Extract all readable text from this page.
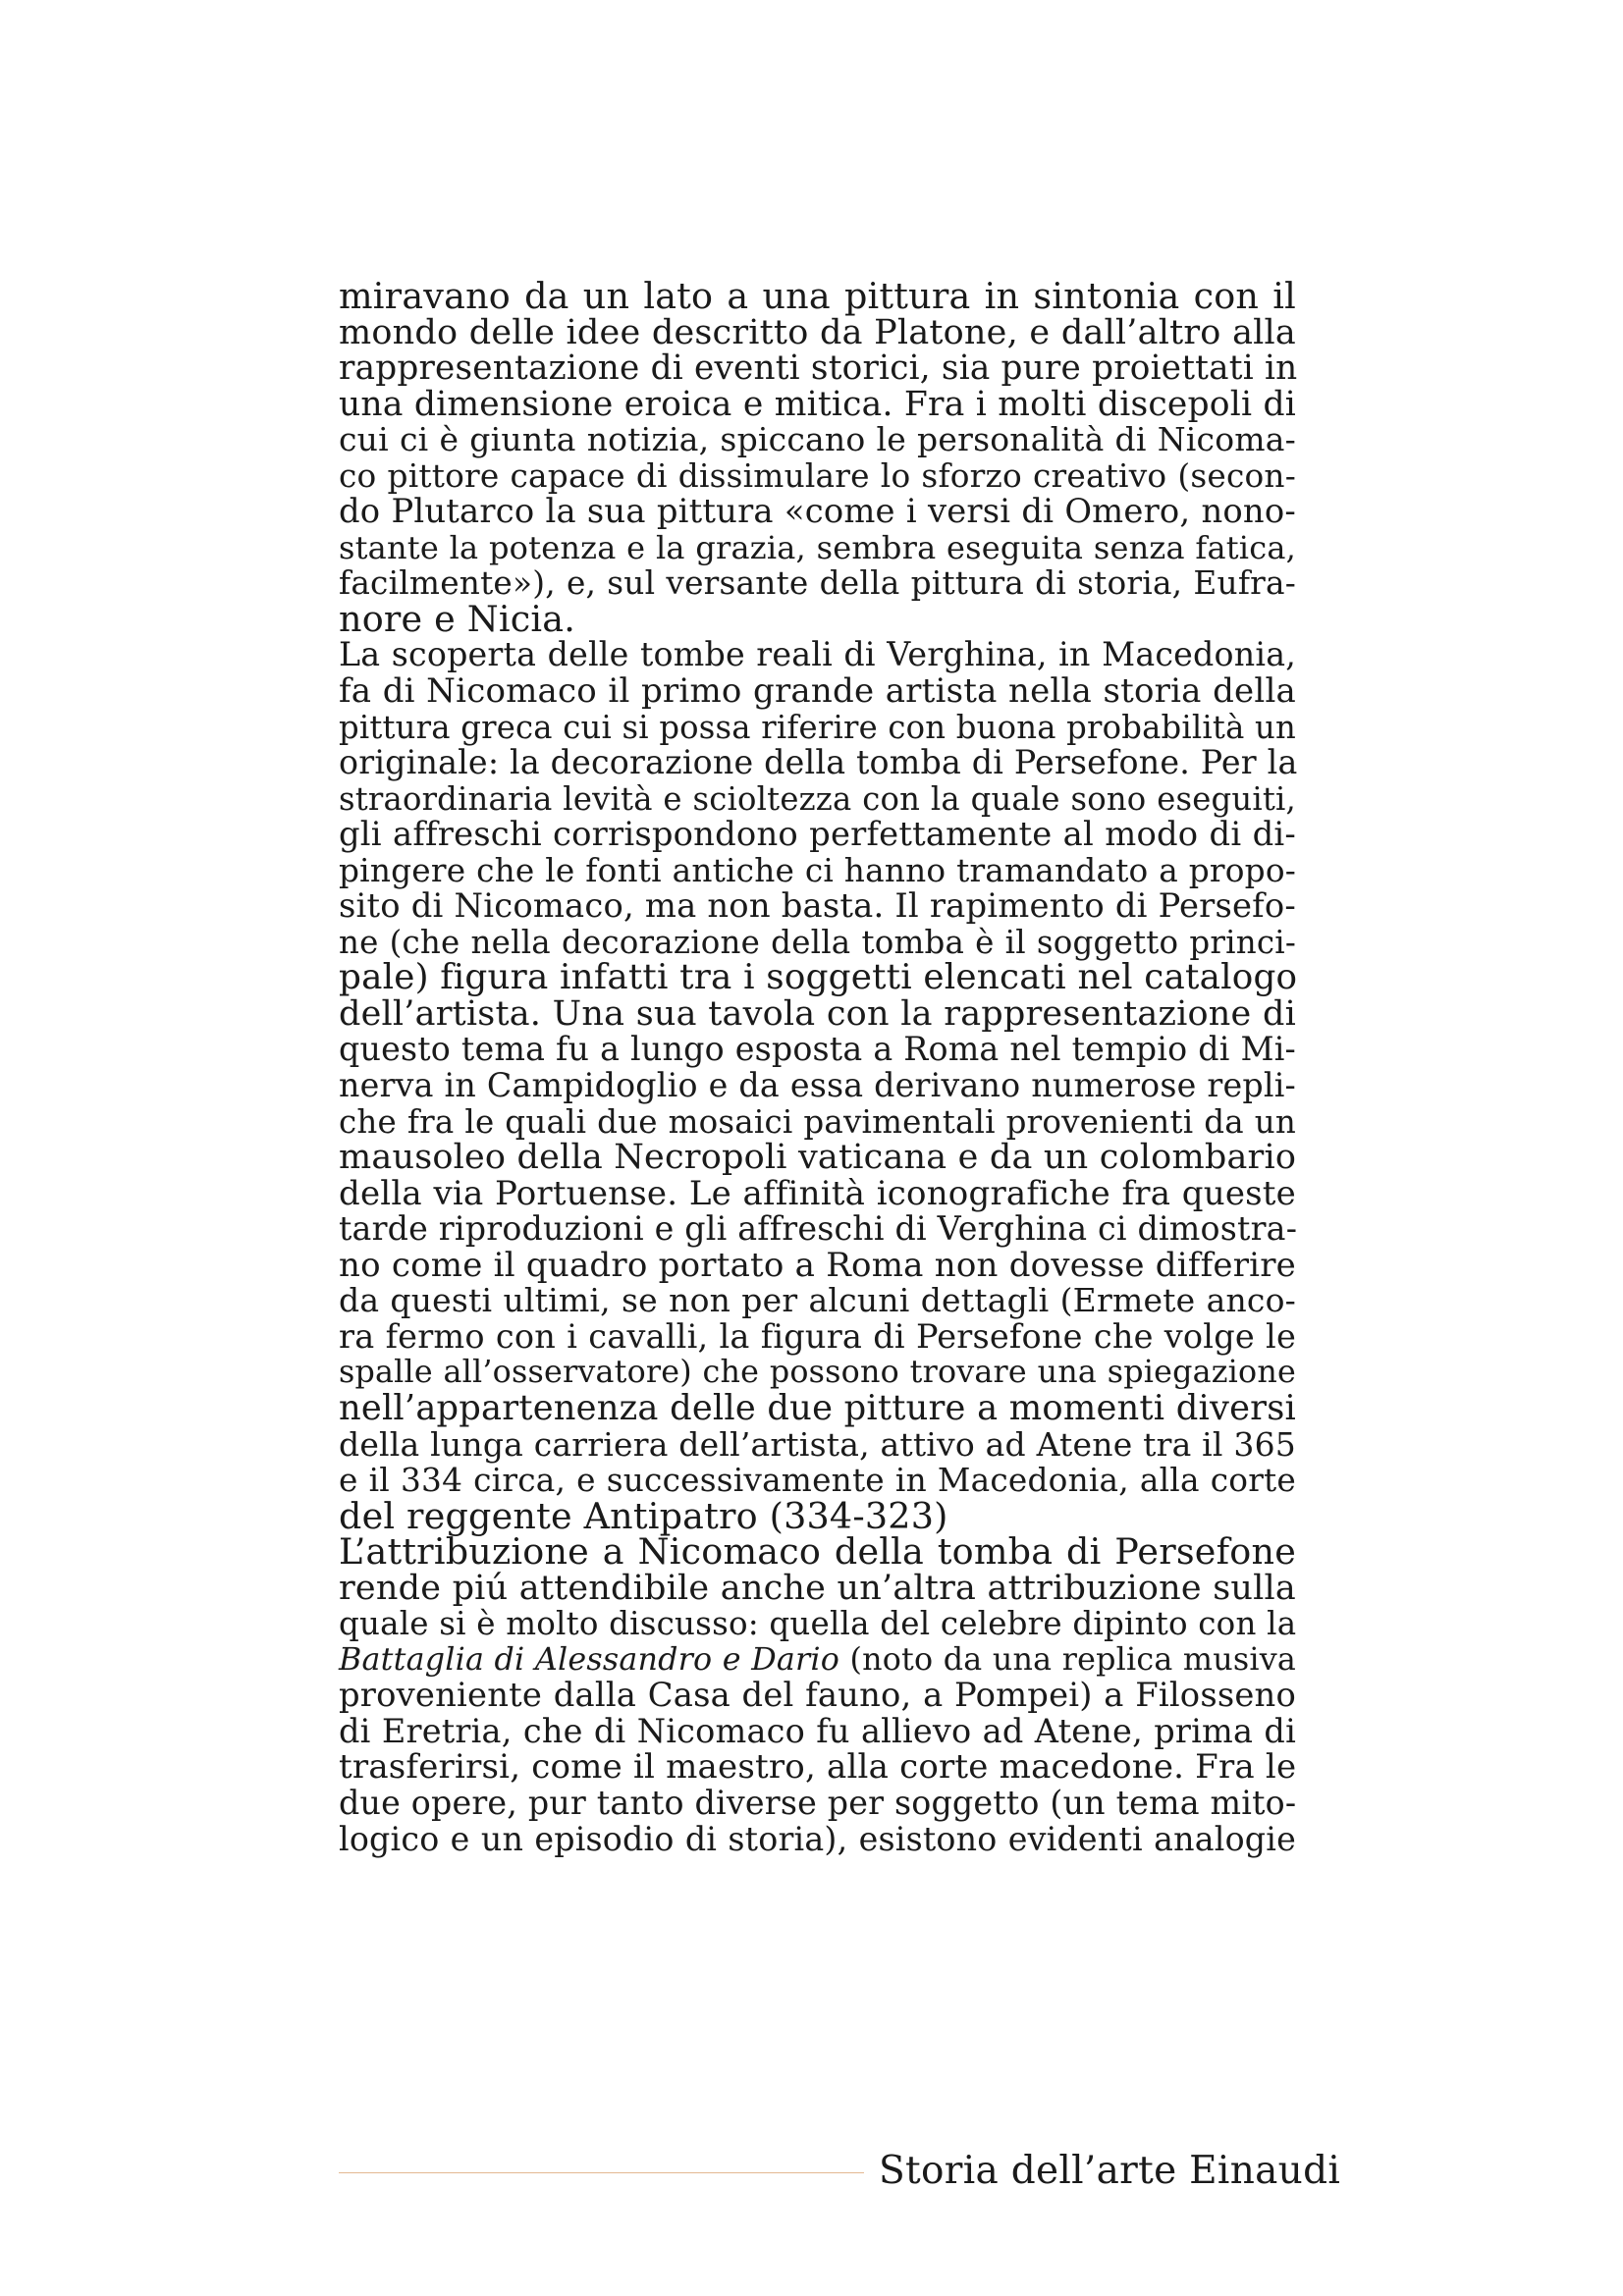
miravano da un lato a una pittura in sintonia con il
mondo delle idee descritto da Platone, e dall’altro alla
rappresentazione di eventi storici, sia pure proiettati in
una dimensione eroica e mitica. Fra i molti discepoli di
cui ci è giunta notizia, spiccano le personalità di Nicoma-
co pittore capace di dissimulare lo sforzo creativo (secon-
do Plutarco la sua pittura «come i versi di Omero, nono-
stante la potenza e la grazia, sembra eseguita senza fatica,
facilmente»), e, sul versante della pittura di storia, Eufra-
nore e Nicia.
La scoperta delle tombe reali di Verghina, in Macedonia,
fa di Nicomaco il primo grande artista nella storia della
pittura greca cui si possa riferire con buona probabilità un
originale: la decorazione della tomba di Persefone. Per la
straordinaria levità e scioltezza con la quale sono eseguiti,
gli affreschi corrispondono perfettamente al modo di di-
pingere che le fonti antiche ci hanno tramandato a propo-
sito di Nicomaco, ma non basta. Il rapimento di Persefo-
ne (che nella decorazione della tomba è il soggetto princi-
pale) figura infatti tra i soggetti elencati nel catalogo
dell’artista. Una sua tavola con la rappresentazione di
questo tema fu a lungo esposta a Roma nel tempio di Mi-
nerva in Campidoglio e da essa derivano numerose repli-
che fra le quali due mosaici pavimentali provenienti da un
mausoleo della Necropoli vaticana e da un colombario
della via Portuense. Le affinità iconografiche fra queste
tarde riproduzioni e gli affreschi di Verghina ci dimostra-
no come il quadro portato a Roma non dovesse differire
da questi ultimi, se non per alcuni dettagli (Ermete anco-
ra fermo con i cavalli, la figura di Persefone che volge le
spalle all’osservatore) che possono trovare una spiegazione
nell’appartenenza delle due pitture a momenti diversi
della lunga carriera dell’artista, attivo ad Atene tra il 365
e il 334 circa, e successivamente in Macedonia, alla corte
del reggente Antipatro (334-323)
L’attribuzione a Nicomaco della tomba di Persefone
rende piú attendibile anche un’altra attribuzione sulla
quale si è molto discusso: quella del celebre dipinto con la
Battaglia di Alessandro e Dario (noto da una replica musiva
proveniente dalla Casa del fauno, a Pompei) a Filosseno
di Eretria, che di Nicomaco fu allievo ad Atene, prima di
trasferirsi, come il maestro, alla corte macedone. Fra le
due opere, pur tanto diverse per soggetto (un tema mito-
logico e un episodio di storia), esistono evidenti analogie
Storia dell’arte Einaudi
